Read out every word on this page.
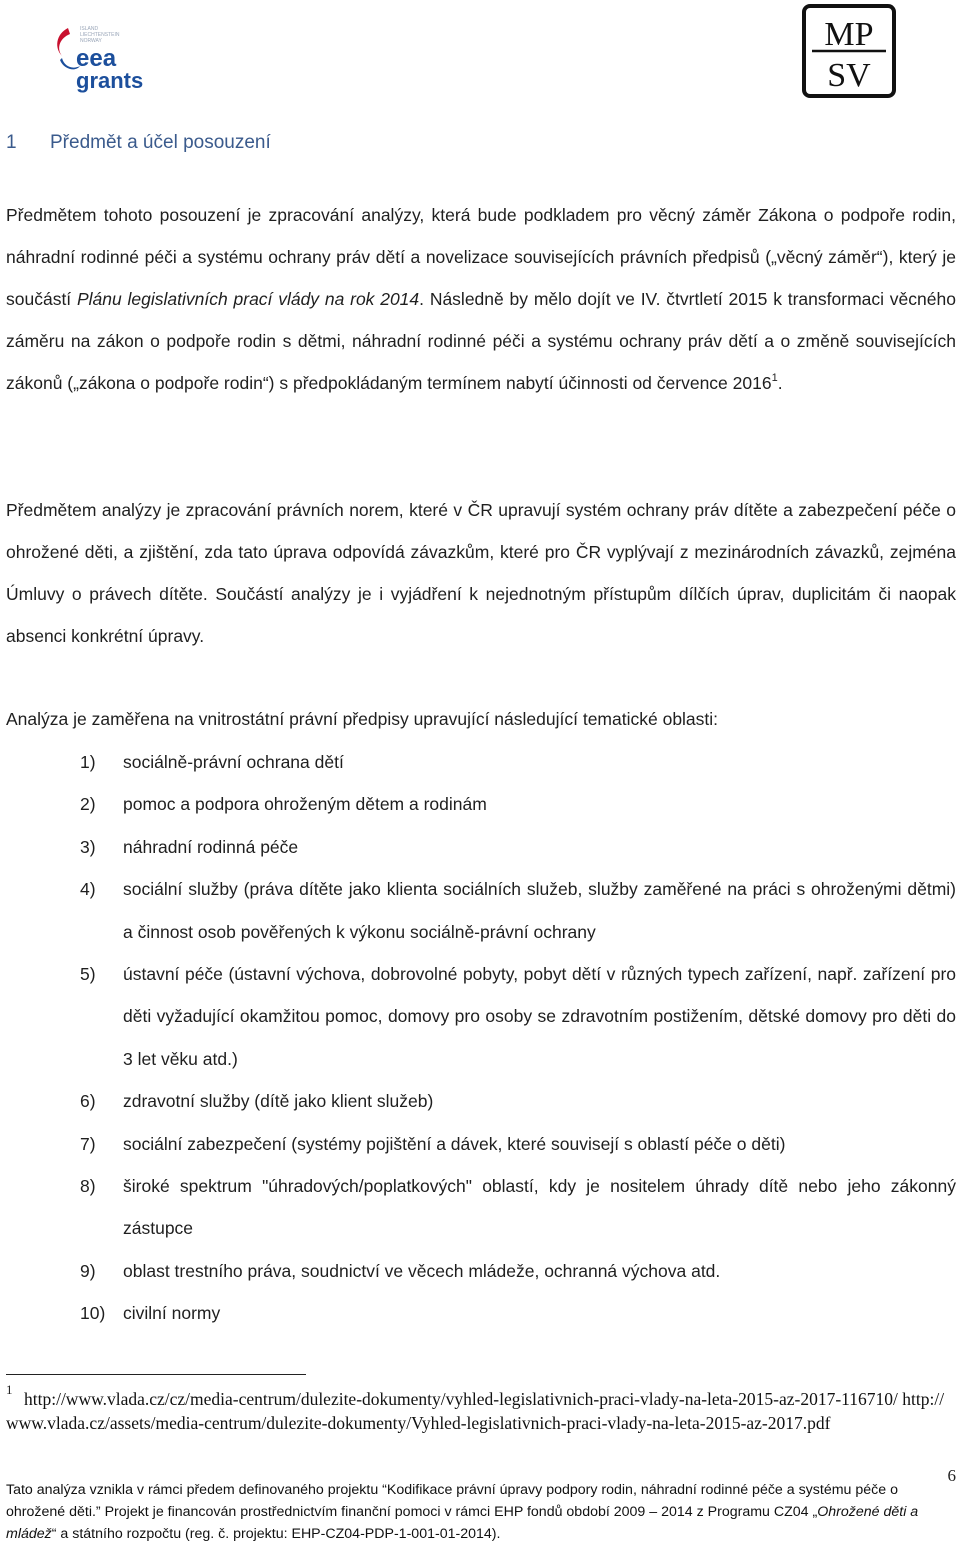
ISLAND
LIECHTENSTEIN
NORWAY
eea
grants
MP
SV
1 Předmět a účel posouzení
Předmětem tohoto posouzení je zpracování analýzy, která bude podkladem pro věcný záměr Zákona o podpoře rodin, náhradní rodinné péči a systému ochrany práv dětí a novelizace souvisejících právních předpisů („věcný záměr“), který je součástí Plánu legislativních prací vlády na rok 2014. Následně by mělo dojít ve IV. čtvrtletí 2015 k transformaci věcného záměru na zákon o podpoře rodin s dětmi, náhradní rodinné péči a systému ochrany práv dětí a o změně souvisejících zákonů („zákona o podpoře rodin“) s předpokládaným termínem nabytí účinnosti od července 2016$^1$.
Předmětem analýzy je zpracování právních norem, které v ČR upravují systém ochrany práv dítěte a zabezpečení péče o ohrožené děti, a zjištění, zda tato úprava odpovídá závazkům, které pro ČR vyplývají z mezinárodních závazků, zejména Úmluvy o právech dítěte. Součástí analýzy je i vyjádření k nejednotným přístupům dílčích úprav, duplicitám či naopak absenci konkrétní úpravy.
Analýza je zaměřena na vnitrostátní právní předpisy upravující následující tematické oblasti:
1) sociálně-právní ochrana dětí
2) pomoc a podpora ohroženým dětem a rodinám
3) náhradní rodinná péče
4) sociální služby (práva dítěte jako klienta sociálních služeb, služby zaměřené na práci s ohroženými dětmi) a činnost osob pověřených k výkonu sociálně-právní ochrany
5) ústavní péče (ústavní výchova, dobrovolné pobyty, pobyt dětí v různých typech zařízení, např. zařízení pro děti vyžadující okamžitou pomoc, domovy pro osoby se zdravotním postižením, dětské domovy pro děti do 3 let věku atd.)
6) zdravotní služby (dítě jako klient služeb)
7) sociální zabezpečení (systémy pojištění a dávek, které souvisejí s oblastí péče o děti)
8) široké spektrum "úhradových/poplatkových" oblastí, kdy je nositelem úhrady dítě nebo jeho zákonný zástupce
9) oblast trestního práva, soudnictví ve věcech mládeže, ochranná výchova atd.
10) civilní normy
1 http://www.vlada.cz/cz/media-centrum/dulezite-dokumenty/vyhled-legislativnich-praci-vlady-na-leta-2015-az-2017-116710/ http://www.vlada.cz/assets/media-centrum/dulezite-dokumenty/Vyhled-legislativnich-praci-vlady-na-leta-2015-az-2017.pdf
6
Tato analýza vznikla v rámci předem definovaného projektu “Kodifikace právní úpravy podpory rodin, náhradní rodinné péče a systému péče o ohrožené děti.” Projekt je financován prostřednictvím finanční pomoci v rámci EHP fondů období 2009 – 2014 z Programu CZ04 „Ohrožené děti a mládež“ a státního rozpočtu (reg. č. projektu: EHP-CZ04-PDP-1-001-01-2014).
